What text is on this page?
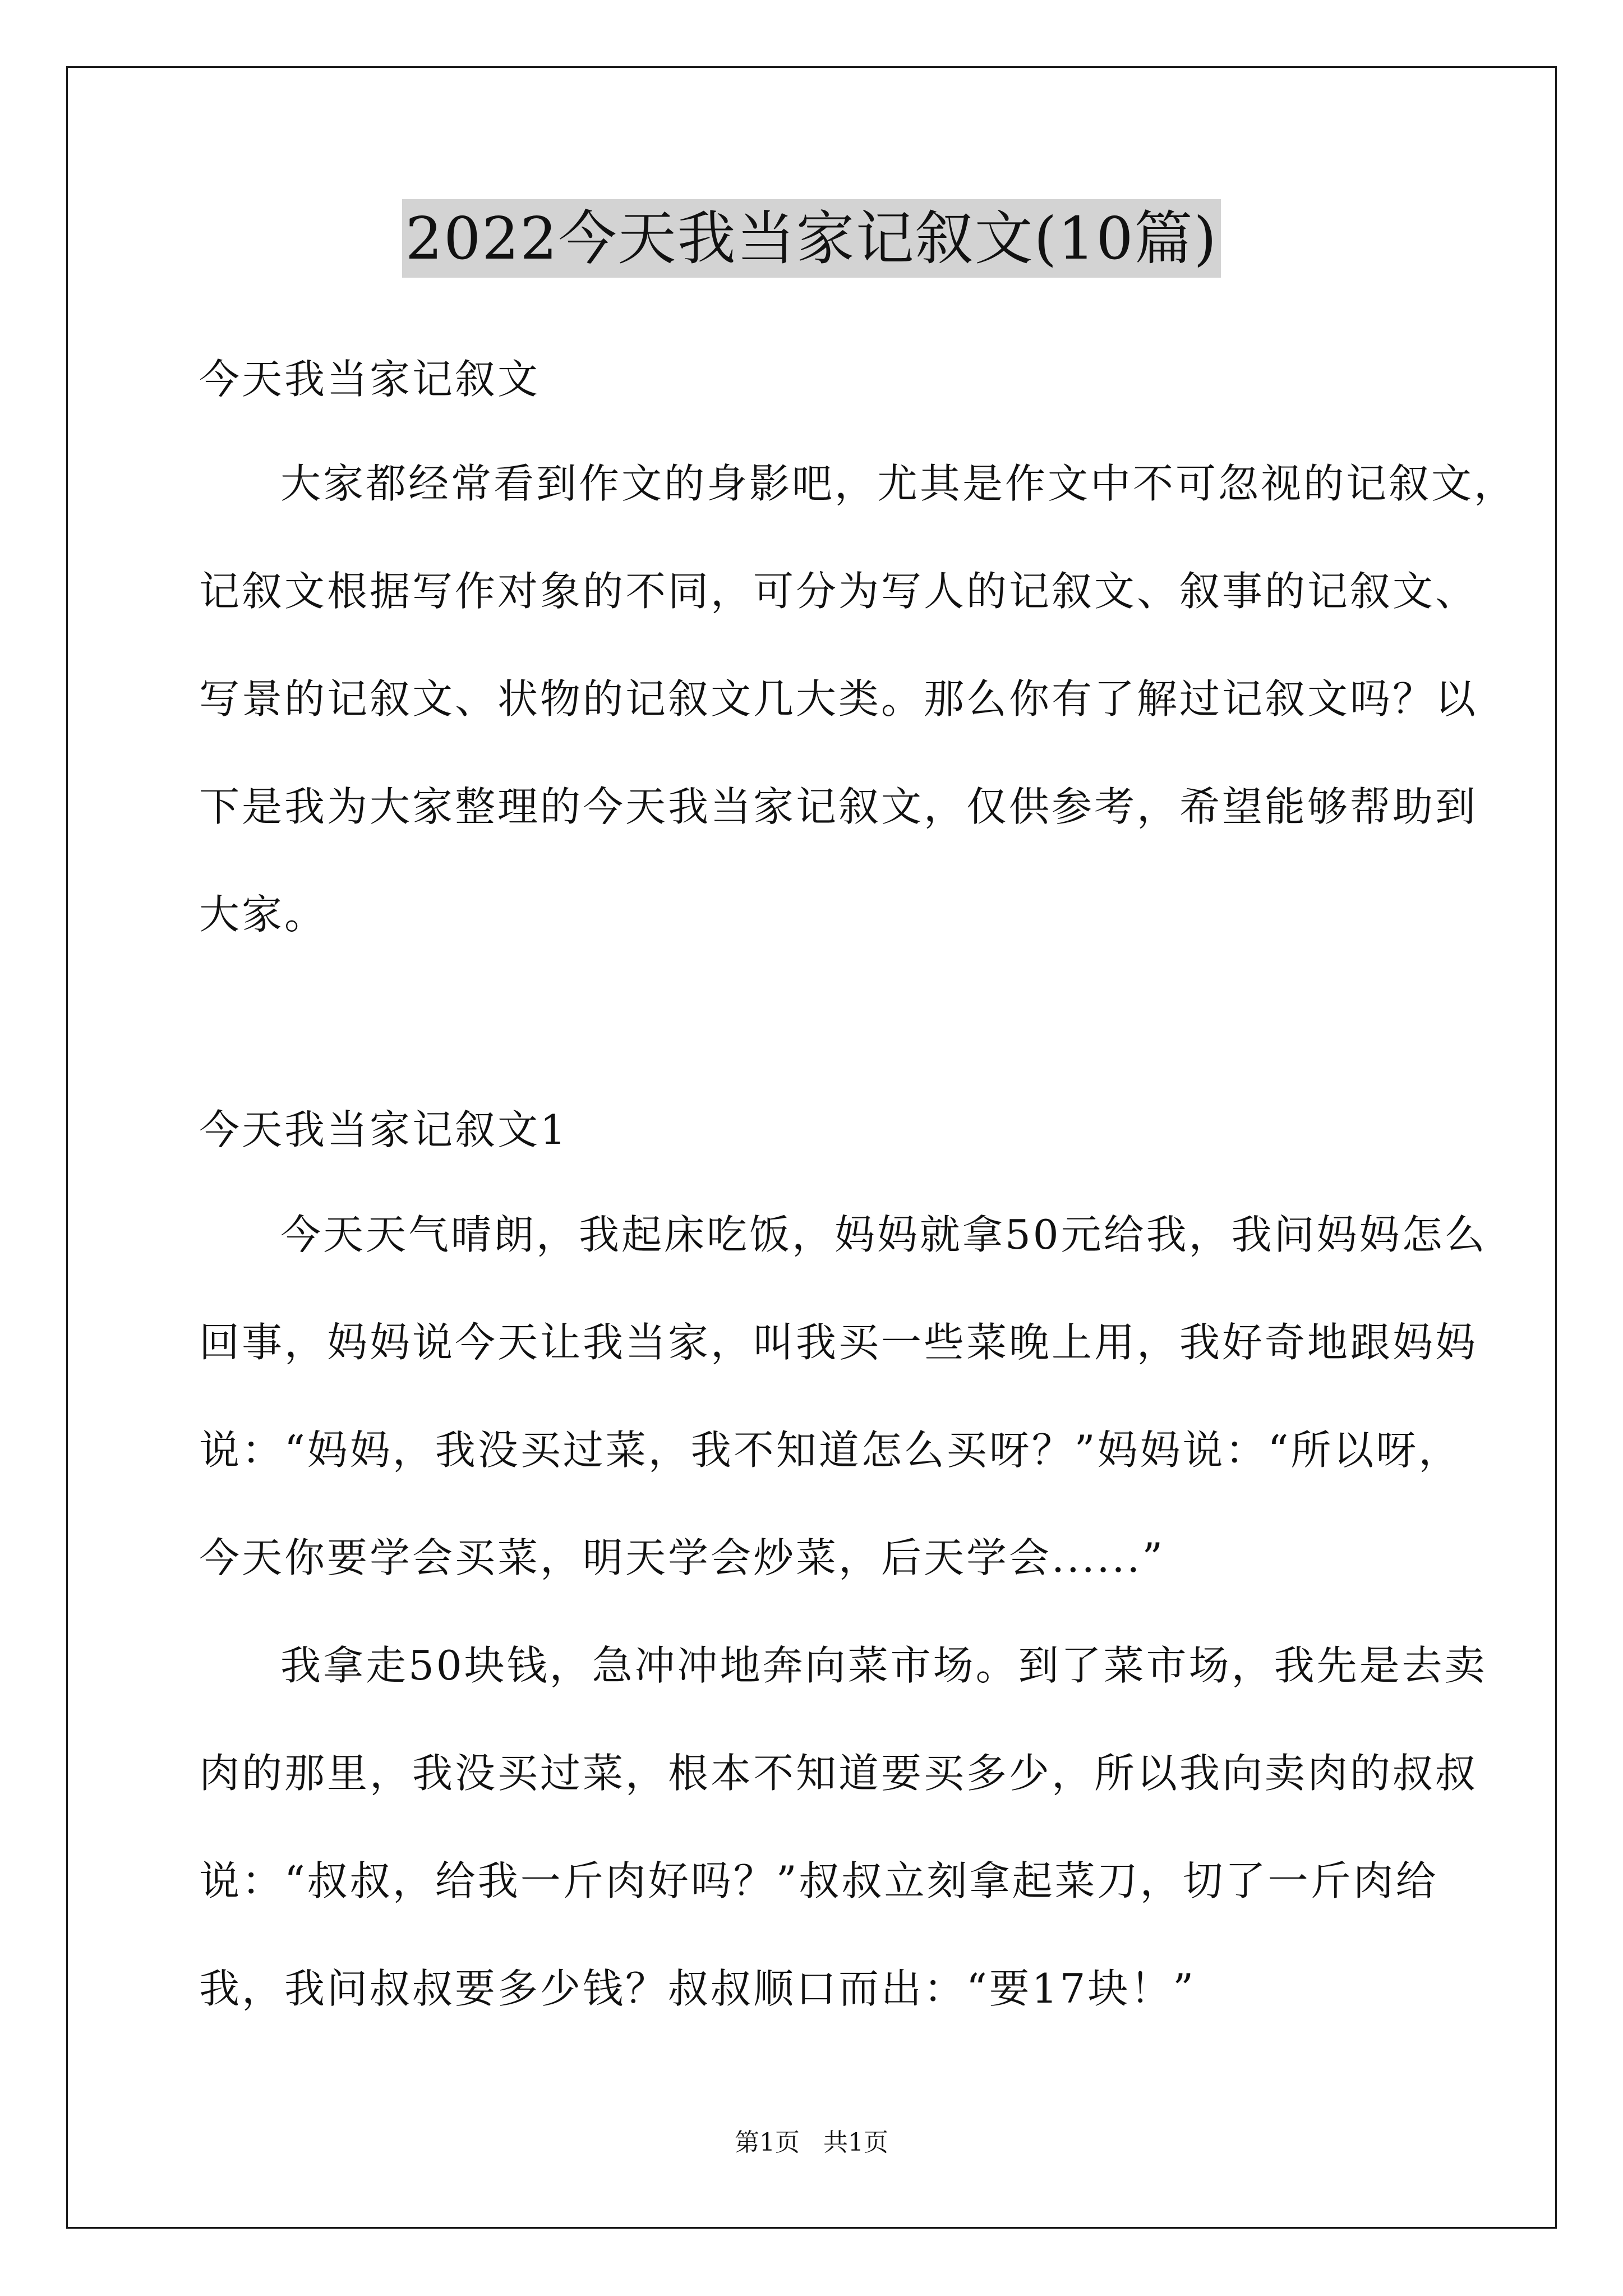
2022今天我当家记叙文(10篇)
今天我当家记叙文
大家都经常看到作文的身影吧，尤其是作文中不可忽视的记叙文，
记叙文根据写作对象的不同，可分为写人的记叙文、叙事的记叙文、
写景的记叙文、状物的记叙文几大类。那么你有了解过记叙文吗？以
下是我为大家整理的今天我当家记叙文，仅供参考，希望能够帮助到
大家。
今天我当家记叙文1
今天天气晴朗，我起床吃饭，妈妈就拿50元给我，我问妈妈怎么
回事，妈妈说今天让我当家，叫我买一些菜晚上用，我好奇地跟妈妈
说：“妈妈，我没买过菜，我不知道怎么买呀？”妈妈说：“所以呀，
今天你要学会买菜，明天学会炒菜，后天学会......”
我拿走50块钱，急冲冲地奔向菜市场。到了菜市场，我先是去卖
肉的那里，我没买过菜，根本不知道要买多少，所以我向卖肉的叔叔
说：“叔叔，给我一斤肉好吗？”叔叔立刻拿起菜刀，切了一斤肉给
我，我问叔叔要多少钱？叔叔顺口而出：“要17块！”
第1页   共1页
